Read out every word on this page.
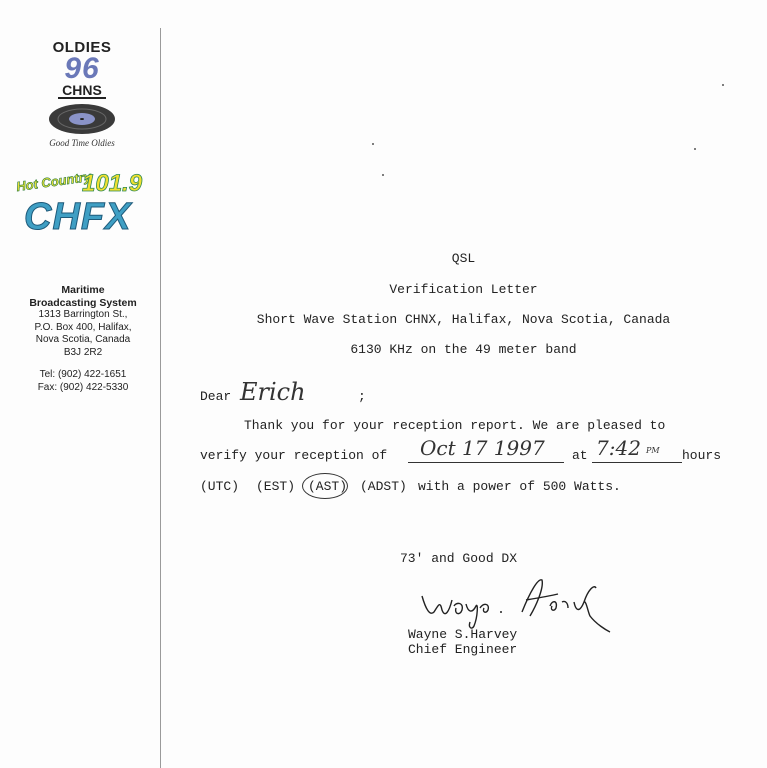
OLDIES
96
CHNS
Good Time Oldies
Hot Country
101.9
CHFX
Maritime
Broadcasting System
1313 Barrington St.,
P.O. Box 400, Halifax,
Nova Scotia, Canada
B3J 2R2
Tel: (902) 422-1651
Fax: (902) 422-5330
QSL
Verification Letter
Short Wave Station CHNX, Halifax, Nova Scotia, Canada
6130 KHz on the 49 meter band
Dear Erich	;
Thank you for your reception report. We are pleased to
verify your reception of Oct 17 1997 at 7:42 PM hours
(UTC) (EST) (AST) (ADST) with a power of 500 Watts.
73' and Good DX
Wayne S.Harvey
Chief Engineer
